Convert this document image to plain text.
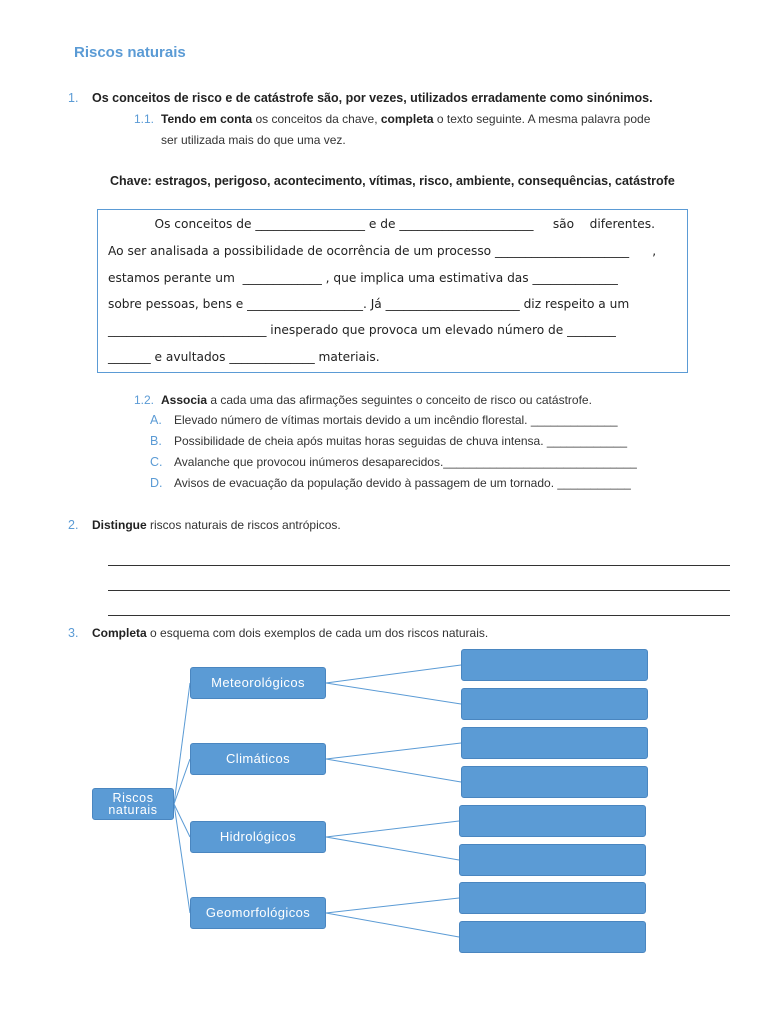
Riscos naturais
1. Os conceitos de risco e de catástrofe são, por vezes, utilizados erradamente como sinónimos.
1.1. Tendo em conta os conceitos da chave, completa o texto seguinte. A mesma palavra pode
ser utilizada mais do que uma vez.
Chave: estragos, perigoso, acontecimento, vítimas, risco, ambiente, consequências, catástrofe
Os conceitos de __________________ e de ______________________     são    diferentes.
Ao ser analisada a possibilidade de ocorrência de um processo ______________________      ,
estamos perante um  _____________ , que implica uma estimativa das ______________
sobre pessoas, bens e ___________________. Já ______________________ diz respeito a um
__________________________ inesperado que provoca um elevado número de ________
_______ e avultados ______________ materiais.
1.2. Associa a cada uma das afirmações seguintes o conceito de risco ou catástrofe.
A. Elevado número de vítimas mortais devido a um incêndio florestal. _____________
B. Possibilidade de cheia após muitas horas seguidas de chuva intensa. ____________
C. Avalanche que provocou inúmeros desaparecidos._____________________________
D. Avisos de evacuação da população devido à passagem de um tornado. ___________
2. Distingue riscos naturais de riscos antrópicos.
3. Completa o esquema com dois exemplos de cada um dos riscos naturais.
Riscos naturais
Meteorológicos
Climáticos
Hidrológicos
Geomorfológicos
